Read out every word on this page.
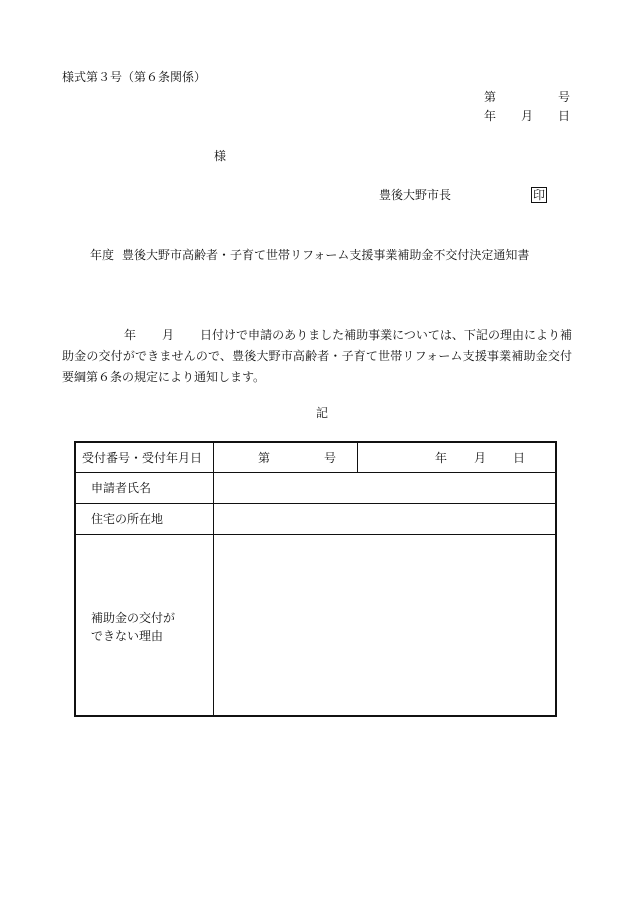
様式第３号（第６条関係）
第	号
年 月 日
様
豊後大野市長	印
年度 豊後大野市高齢者・子育て世帯リフォーム支援事業補助金不交付決定通知書
年 月 日付けで申請のありました補助事業については、下記の理由により補助金の交付ができませんので、豊後大野市高齢者・子育て世帯リフォーム支援事業補助金交付要綱第６条の規定により通知します。
記
受付番号・受付年月日	第	号	年 月 日
申請者氏名
住宅の所在地
補助金の交付が
できない理由
